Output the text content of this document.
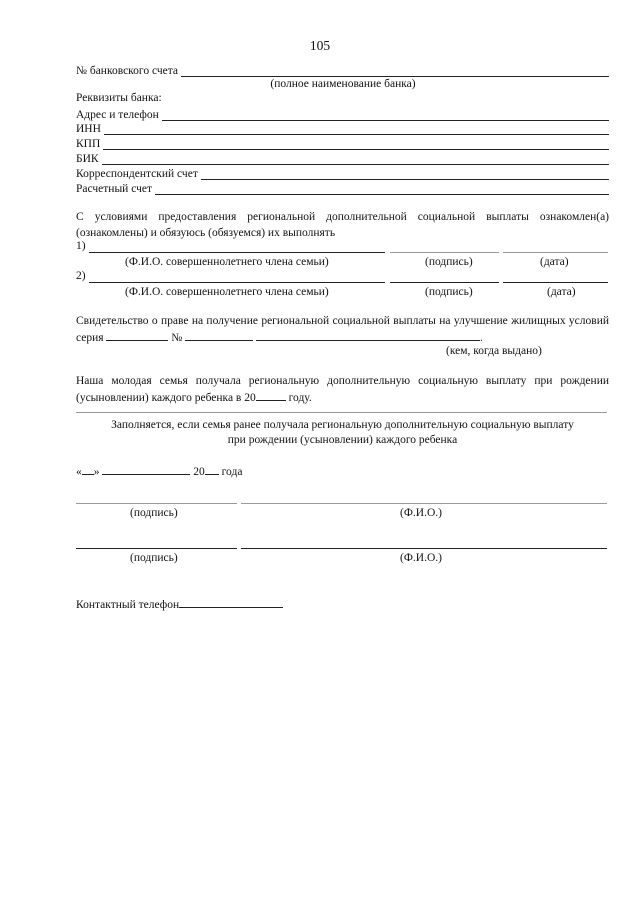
105
№ банковского счета
(полное наименование банка)
Реквизиты банка:
Адрес и телефон
ИНН
КПП
БИК
Корреспондентский счет
Расчетный счет
С условиями предоставления региональной дополнительной социальной выплаты ознакомлен(а) (ознакомлены) и обязуюсь (обязуемся) их выполнять
1)
(Ф.И.О. совершеннолетнего члена семьи)	(подпись)	(дата)
2)
(Ф.И.О. совершеннолетнего члена семьи)	(подпись)	(дата)
Свидетельство о праве на получение региональной социальной выплаты на улучшение жилищных условий серия	№	.
(кем, когда выдано)
Наша молодая семья получала региональную дополнительную социальную выплату при рождении (усыновлении) каждого ребенка в 20	году.
Заполняется, если семья ранее получала региональную дополнительную социальную выплату
при рождении (усыновлении) каждого ребенка
« »	20 года
(подпись)	(Ф.И.О.)
(подпись)	(Ф.И.О.)
Контактный телефон
